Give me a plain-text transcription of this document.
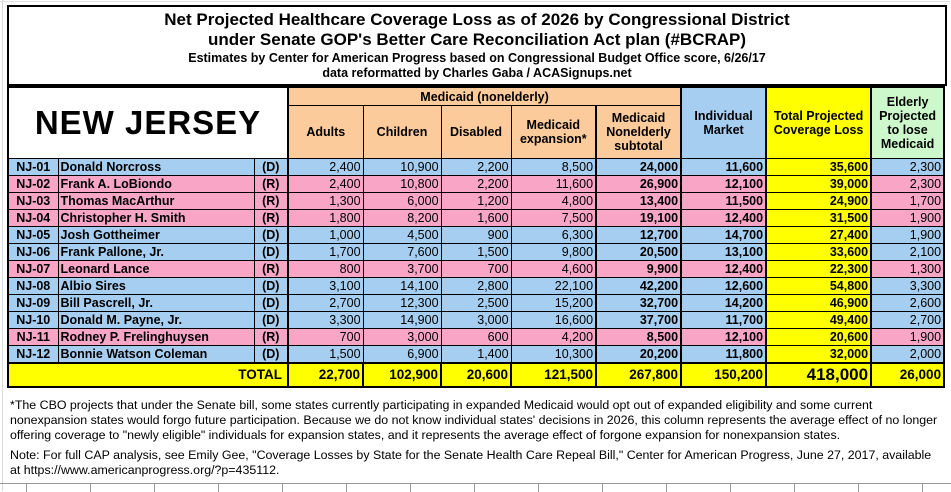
Net Projected Healthcare Coverage Loss as of 2026 by Congressional District
under Senate GOP's Better Care Reconciliation Act plan (#BCRAP)
Estimates by Center for American Progress based on Congressional Budget Office score, 6/26/17
data reformatted by Charles Gaba / ACASignups.net
NEW JERSEY			Medicaid (nonelderly)					Individual Market	Total Projected Coverage Loss	Elderly Projected to lose Medicaid
			Adults	Children	Disabled	Medicaid expansion*	Medicaid Nonelderly subtotal			
NJ-01	Donald Norcross	(D)	2,400	10,900	2,200	8,500	24,000	11,600	35,600	2,300
NJ-02	Frank A. LoBiondo	(R)	2,400	10,800	2,200	11,600	26,900	12,100	39,000	2,300
NJ-03	Thomas MacArthur	(R)	1,300	6,000	1,200	4,800	13,400	11,500	24,900	1,700
NJ-04	Christopher H. Smith	(R)	1,800	8,200	1,600	7,500	19,100	12,400	31,500	1,900
NJ-05	Josh Gottheimer	(D)	1,000	4,500	900	6,300	12,700	14,700	27,400	1,900
NJ-06	Frank Pallone, Jr.	(D)	1,700	7,600	1,500	9,800	20,500	13,100	33,600	2,100
NJ-07	Leonard Lance	(R)	800	3,700	700	4,600	9,900	12,400	22,300	1,300
NJ-08	Albio Sires	(D)	3,100	14,100	2,800	22,100	42,200	12,600	54,800	3,300
NJ-09	Bill Pascrell, Jr.	(D)	2,700	12,300	2,500	15,200	32,700	14,200	46,900	2,600
NJ-10	Donald M. Payne, Jr.	(D)	3,300	14,900	3,000	16,600	37,700	11,700	49,400	2,700
NJ-11	Rodney P. Frelinghuysen	(R)	700	3,000	600	4,200	8,500	12,100	20,600	1,900
NJ-12	Bonnie Watson Coleman	(D)	1,500	6,900	1,400	10,300	20,200	11,800	32,000	2,000
TOTAL			22,700	102,900	20,600	121,500	267,800	150,200	418,000	26,000
*The CBO projects that under the Senate bill, some states currently participating in expanded Medicaid would opt out of expanded eligibility and some current nonexpansion states would forgo future participation. Because we do not know individual states' decisions in 2026, this column represents the average effect of no longer offering coverage to "newly eligible" individuals for expansion states, and it represents the average effect of forgone expansion for nonexpansion states.
Note: For full CAP analysis, see Emily Gee, "Coverage Losses by State for the Senate Health Care Repeal Bill," Center for American Progress, June 27, 2017, available at https://www.americanprogress.org/?p=435112.
